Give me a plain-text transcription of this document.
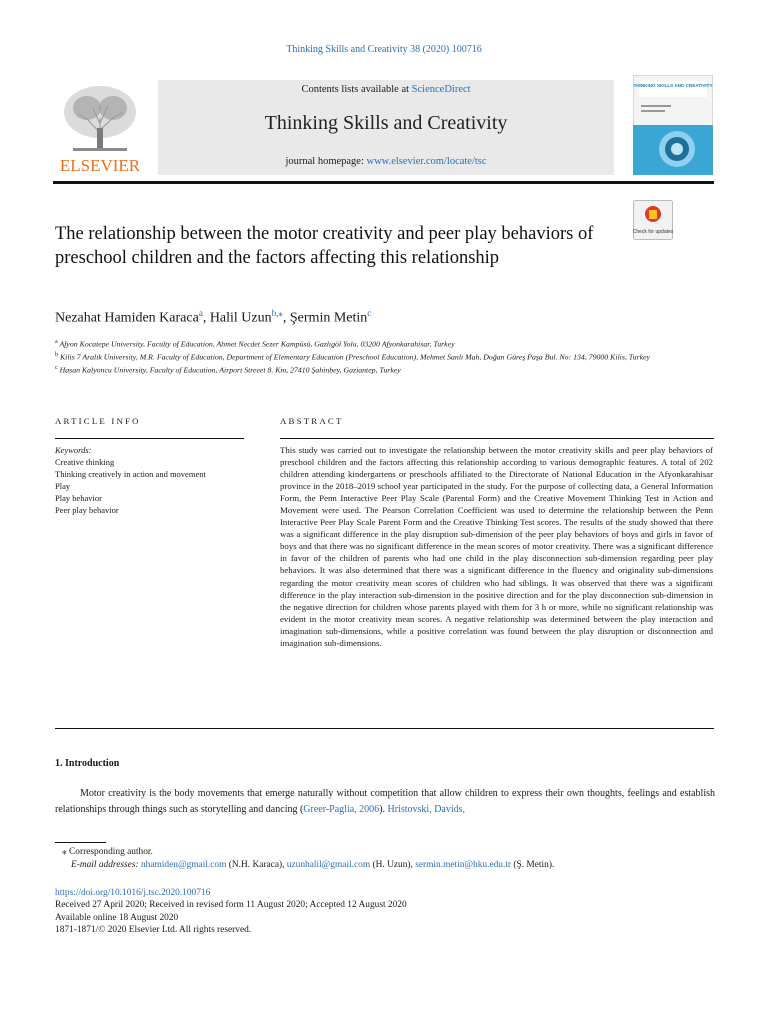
Thinking Skills and Creativity 38 (2020) 100716
ELSEVIER
Contents lists available at ScienceDirect
Thinking Skills and Creativity
journal homepage: www.elsevier.com/locate/tsc
THINKING SKILLS AND CREATIVITY
Check for updates
The relationship between the motor creativity and peer play behaviors of preschool children and the factors affecting this relationship
Nezahat Hamiden Karaca$^a$, Halil Uzun$^{b,⁎}$, Şermin Metin$^c$
$^a$ Afyon Kocatepe University, Faculty of Education, Ahmet Necdet Sezer Kampüsü, Gazlıgöl Yolu, 03200 Afyonkarahisar, Turkey
$^b$ Kilis 7 Aralık University, M.R. Faculty of Education, Department of Elementary Education (Preschool Education), Mehmet Sanlı Mah, Doğan Güreş Paşa Bul. No: 134, 79000 Kilis, Turkey
$^c$ Hasan Kalyoncu University, Faculty of Education, Airport Streeet 8. Km, 27410 Şahinbey, Gaziantep, Turkey
ARTICLE INFO
Keywords:
Creative thinking
Thinking creatively in action and movement
Play
Play behavior
Peer play behavior
ABSTRACT
This study was carried out to investigate the relationship between the motor creativity skills and peer play behaviors of preschool children and the factors affecting this relationship according to various demographic features. A total of 202 children attending kindergartens or preschools affiliated to the Directorate of National Education in the Afyonkarahisar province in the 2018–2019 school year participated in the study. For the purpose of collecting data, a General Information Form, the Penn Interactive Peer Play Scale (Parental Form) and the Creative Movement Thinking Test in Action and Movement were used. The Pearson Correlation Coefficient was used to determine the relationship between the Penn Interactive Peer Play Scale Parent Form and the Creative Thinking Test scores. The results of the study showed that there was a significant difference in the play disruption sub-dimension of the peer play behaviors of boys and girls in favor of boys and that there was no significant difference in the mean scores of motor creativity. There was a significant difference in favor of the children of parents who had one child in the play disconnection sub-dimension regarding peer play behaviors. It was also determined that there was a significant difference in the fluency and originality sub-dimensions regarding the motor creativity mean scores of children who had siblings. It was observed that there was a significant difference in the play interaction sub-dimension in the positive direction and for the play disconnection sub-dimension in the negative direction for children whose parents played with them for 3 h or more, while no significant relationship was evident in the motor creativity mean scores. A negative relationship was determined between the play interaction and imagination sub-dimensions, while a positive correlation was found between the play disruption or disconnection and imagination sub-dimensions.
1. Introduction
Motor creativity is the body movements that emerge naturally without competition that allow children to express their own thoughts, feelings and establish relationships through things such as storytelling and dancing (Greer-Paglia, 2006). Hristovski, Davids,
⁎ Corresponding author.
E-mail addresses: nhamiden@gmail.com (N.H. Karaca), uzunhalil@gmail.com (H. Uzun), sermin.metin@hku.edu.tr (Ş. Metin).
https://doi.org/10.1016/j.tsc.2020.100716
Received 27 April 2020; Received in revised form 11 August 2020; Accepted 12 August 2020
Available online 18 August 2020
1871-1871/© 2020 Elsevier Ltd. All rights reserved.
